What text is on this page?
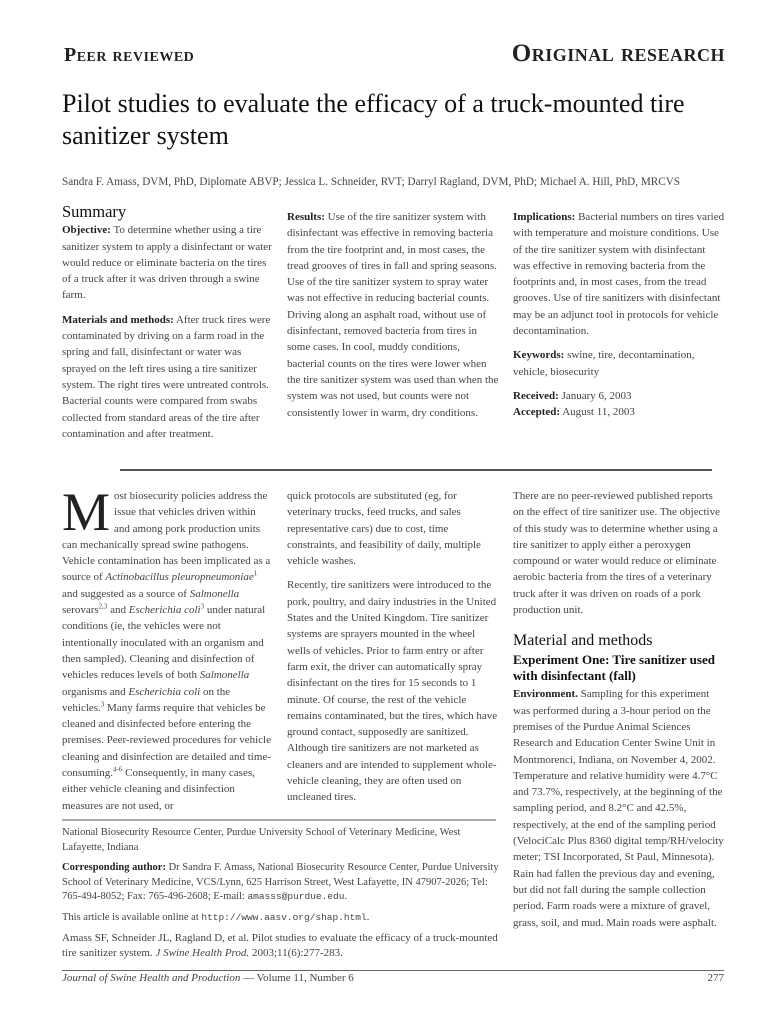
Peer reviewed	Original research
Pilot studies to evaluate the efficacy of a truck-mounted tire sanitizer system
Sandra F. Amass, DVM, PhD, Diplomate ABVP; Jessica L. Schneider, RVT; Darryl Ragland, DVM, PhD; Michael A. Hill, PhD, MRCVS
Summary

Objective: To determine whether using a tire sanitizer system to apply a disinfectant or water would reduce or eliminate bacteria on the tires of a truck after it was driven through a swine farm.

Materials and methods: After truck tires were contaminated by driving on a farm road in the spring and fall, disinfectant or water was sprayed on the left tires using a tire sanitizer system. The right tires were untreated controls. Bacterial counts were compared from swabs collected from standard areas of the tire after contamination and after treatment.

Results: Use of the tire sanitizer system with disinfectant was effective in removing bacteria from the tire footprint and, in most cases, the tread grooves of tires in fall and spring seasons. Use of the tire sanitizer system to spray water was not effective in reducing bacterial counts. Driving along an asphalt road, without use of disinfectant, removed bacteria from tires in some cases. In cool, muddy conditions, bacterial counts on the tires were lower when the tire sanitizer system was used than when the system was not used, but counts were not consistently lower in warm, dry conditions.

Implications: Bacterial numbers on tires varied with temperature and moisture conditions. Use of the tire sanitizer system with disinfectant was effective in removing bacteria from the footprints and, in most cases, from the tread grooves. Use of tire sanitizers with disinfectant may be an adjunct tool in protocols for vehicle decontamination.

Keywords: swine, tire, decontamination, vehicle, biosecurity

Received: January 6, 2003

Accepted: August 11, 2003

Most biosecurity policies address the issue that vehicles driven within and among pork production units can mechanically spread swine pathogens. Vehicle contamination has been implicated as a source of Actinobacillus pleuropneumoniae$^1$ and suggested as a source of Salmonella serovars$^{2,3}$ and Escherichia coli$^3$ under natural conditions (ie, the vehicles were not intentionally inoculated with an organism and then sampled). Cleaning and disinfection of vehicles reduces levels of both Salmonella organisms and Escherichia coli on the vehicles.$^3$ Many farms require that vehicles be cleaned and disinfected before entering the premises. Peer-reviewed procedures for vehicle cleaning and disinfection are detailed and time-consuming.$^{4-6}$ Consequently, in many cases, either vehicle cleaning and disinfection measures are not used, or

quick protocols are substituted (eg, for veterinary trucks, feed trucks, and sales representative cars) due to cost, time constraints, and feasibility of daily, multiple vehicle washes.

Recently, tire sanitizers were introduced to the pork, poultry, and dairy industries in the United States and the United Kingdom. Tire sanitizer systems are sprayers mounted in the wheel wells of vehicles. Prior to farm entry or after farm exit, the driver can automatically spray disinfectant on the tires for 15 seconds to 1 minute. Of course, the rest of the vehicle remains contaminated, but the tires, which have ground contact, supposedly are sanitized. Although tire sanitizers are not marketed as cleaners and are intended to supplement whole-vehicle cleaning, they are often used on uncleaned tires.

There are no peer-reviewed published reports on the effect of tire sanitizer use. The objective of this study was to determine whether using a tire sanitizer to apply either a peroxygen compound or water would reduce or eliminate aerobic bacteria from the tires of a veterinary truck after it was driven on roads of a pork production unit.

Material and methods
Experiment One: Tire sanitizer used with disinfectant (fall)

Environment. Sampling for this experiment was performed during a 3-hour period on the premises of the Purdue Animal Sciences Research and Education Center Swine Unit in Montmorenci, Indiana, on November 4, 2002. Temperature and relative humidity were 4.7°C and 73.7%, respectively, at the beginning of the sampling period, and 8.2°C and 42.5%, respectively, at the end of the sampling period (VelociCalc Plus 8360 digital temp/RH/velocity meter; TSI Incorporated, St Paul, Minnesota). Rain had fallen the previous day and evening, but did not fall during the sample collection period. Farm roads were a mixture of gravel, grass, soil, and mud. Main roads were asphalt.

National Biosecurity Resource Center, Purdue University School of Veterinary Medicine, West Lafayette, Indiana

Corresponding author: Dr Sandra F. Amass, National Biosecurity Resource Center, Purdue University School of Veterinary Medicine, VCS/Lynn, 625 Harrison Street, West Lafayette, IN 47907-2026; Tel: 765-494-8052; Fax: 765-496-2608; E-mail: amasss@purdue.edu.

This article is available online at http://www.aasv.org/shap.html.

Amass SF, Schneider JL, Ragland D, et al. Pilot studies to evaluate the efficacy of a truck-mounted tire sanitizer system. J Swine Health Prod. 2003;11(6):277-283.

Journal of Swine Health and Production — Volume 11, Number 6	277
